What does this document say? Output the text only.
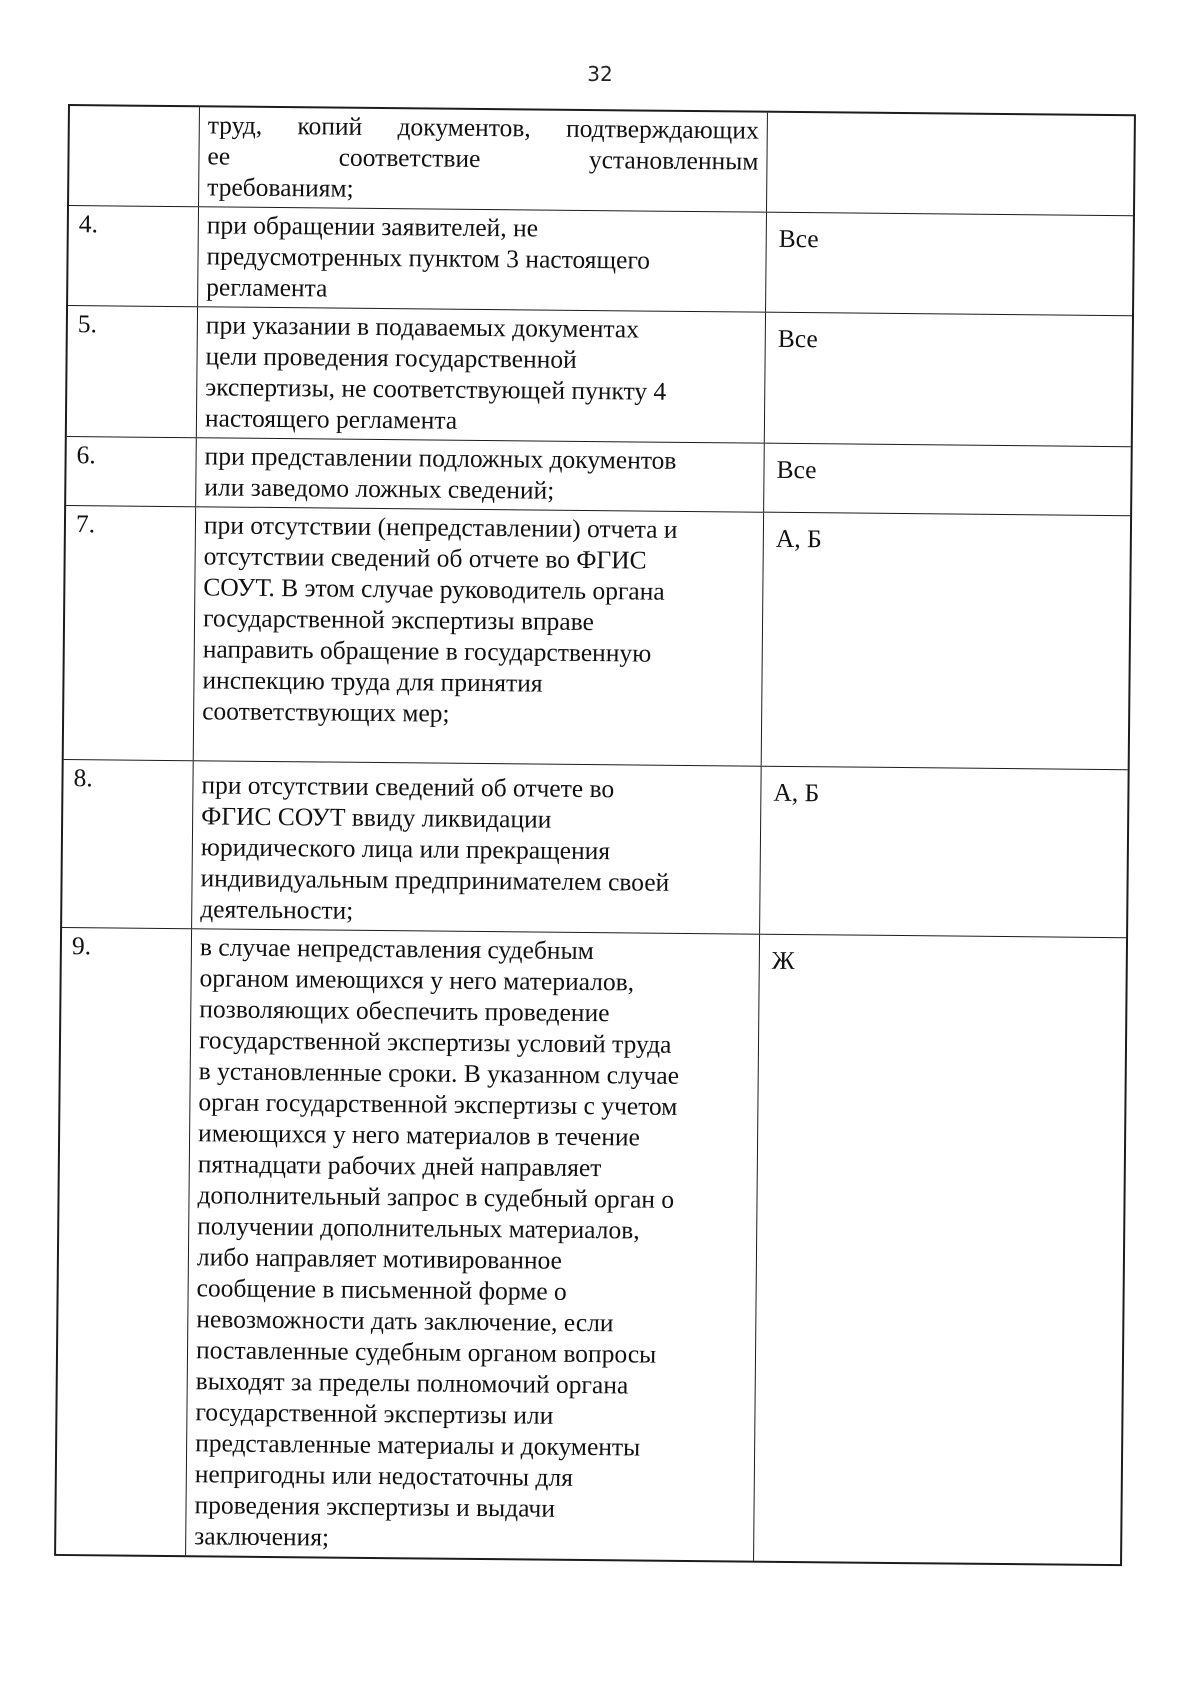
32
труд, копий документов, подтверждающих
ее соответствие установленным
требованиям;
4.	при обращении заявителей, не
предусмотренных пунктом 3 настоящего
регламента
Все
5.	при указании в подаваемых документах
цели проведения государственной
экспертизы, не соответствующей пункту 4
настоящего регламента
Все
6.	при представлении подложных документов
или заведомо ложных сведений;
Все
7.	при отсутствии (непредставлении) отчета и
отсутствии сведений об отчете во ФГИС
СОУТ. В этом случае руководитель органа
государственной экспертизы вправе
направить обращение в государственную
инспекцию труда для принятия
соответствующих мер;
А, Б
8.	при отсутствии сведений об отчете во
ФГИС СОУТ ввиду ликвидации
юридического лица или прекращения
индивидуальным предпринимателем своей
деятельности;
А, Б
9.	в случае непредставления судебным
органом имеющихся у него материалов,
позволяющих обеспечить проведение
государственной экспертизы условий труда
в установленные сроки. В указанном случае
орган государственной экспертизы с учетом
имеющихся у него материалов в течение
пятнадцати рабочих дней направляет
дополнительный запрос в судебный орган о
получении дополнительных материалов,
либо направляет мотивированное
сообщение в письменной форме о
невозможности дать заключение, если
поставленные судебным органом вопросы
выходят за пределы полномочий органа
государственной экспертизы или
представленные материалы и документы
непригодны или недостаточны для
проведения экспертизы и выдачи
заключения;
Ж
